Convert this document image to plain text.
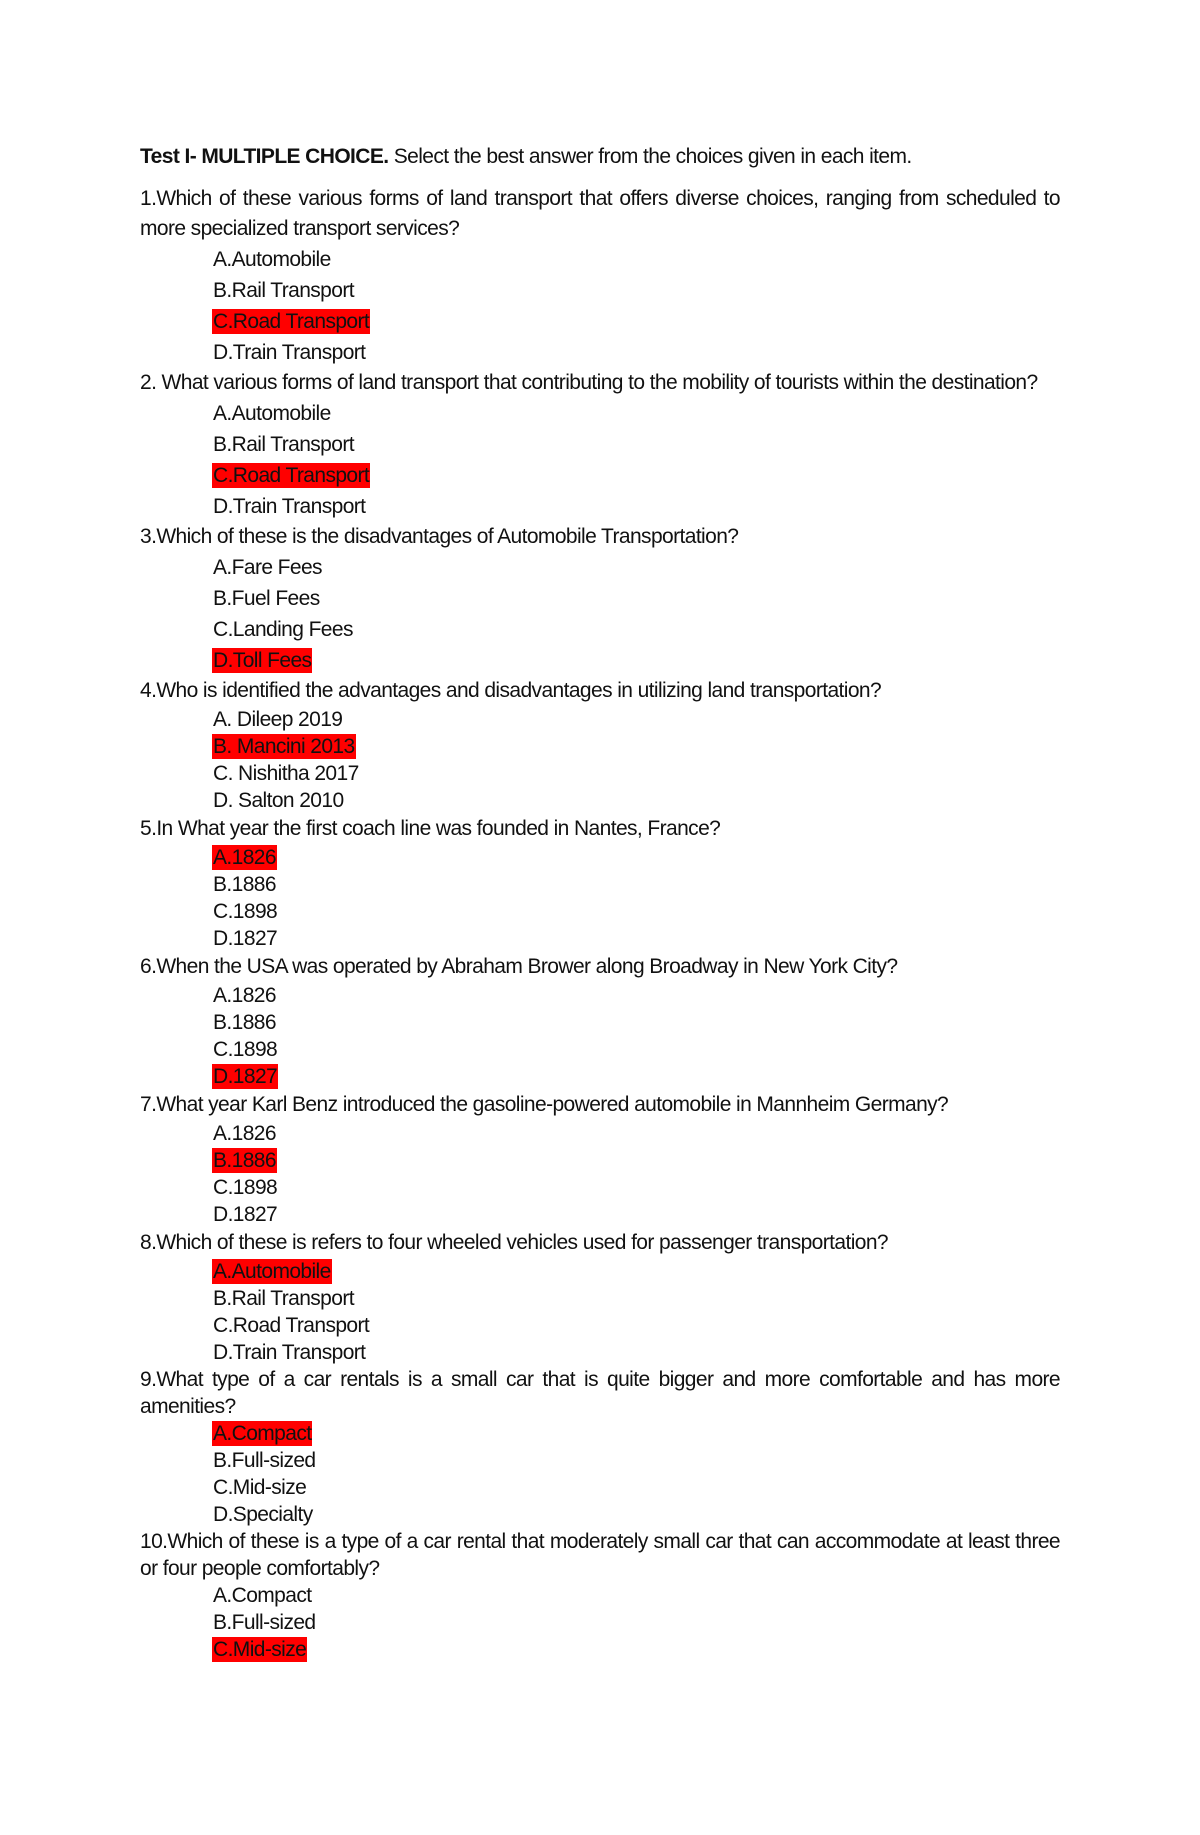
Test I- MULTIPLE CHOICE. Select the best answer from the choices given in each item.
1.Which of these various forms of land transport that offers diverse choices, ranging from scheduled to more specialized transport services?
A.Automobile
B.Rail Transport
C.Road Transport
D.Train Transport
2. What various forms of land transport that contributing to the mobility of tourists within the destination?
A.Automobile
B.Rail Transport
C.Road Transport
D.Train Transport
3.Which of these is the disadvantages of Automobile Transportation?
A.Fare Fees
B.Fuel Fees
C.Landing Fees
D.Toll Fees
4.Who is identified the advantages and disadvantages in utilizing land transportation?
A. Dileep 2019
B. Mancini 2013
C. Nishitha 2017
D. Salton 2010
5.In What year the first coach line was founded in Nantes, France?
A.1826
B.1886
C.1898
D.1827
6.When the USA was operated by Abraham Brower along Broadway in New York City?
A.1826
B.1886
C.1898
D.1827
7.What year Karl Benz introduced the gasoline-powered automobile in Mannheim Germany?
A.1826
B.1886
C.1898
D.1827
8.Which of these is refers to four wheeled vehicles used for passenger transportation?
A.Automobile
B.Rail Transport
C.Road Transport
D.Train Transport
9.What type of a car rentals is a small car that is quite bigger and more comfortable and has more amenities?
A.Compact
B.Full-sized
C.Mid-size
D.Specialty
10.Which of these is a type of a car rental that moderately small car that can accommodate at least three or four people comfortably?
A.Compact
B.Full-sized
C.Mid-size
